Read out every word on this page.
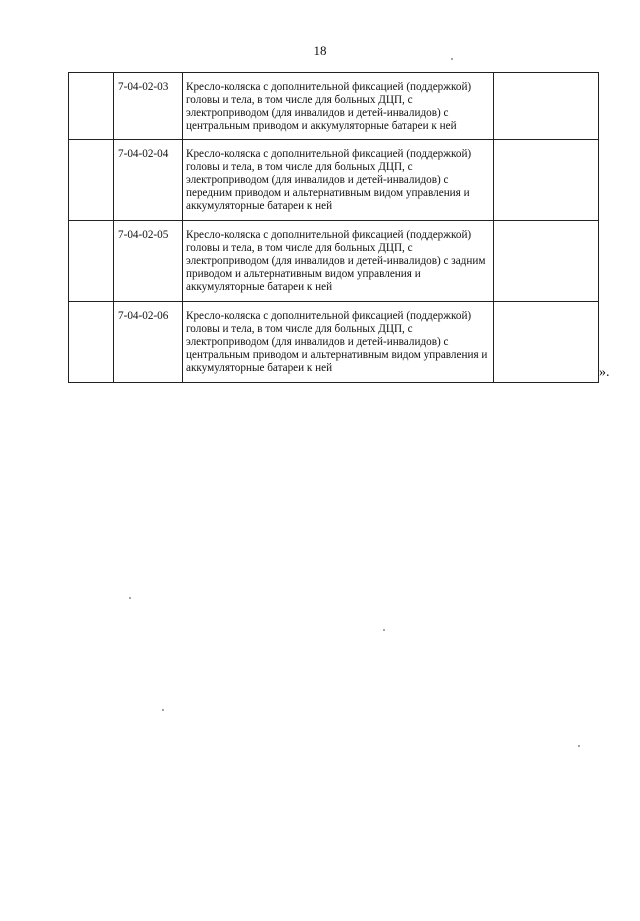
18
	7-04-02-03	Кресло-коляска с дополнительной фиксацией (поддержкой) головы и тела, в том числе для больных ДЦП, с электроприводом (для инвалидов и детей-инвалидов) с центральным приводом и аккумуляторные батареи к ней	
	7-04-02-04	Кресло-коляска с дополнительной фиксацией (поддержкой) головы и тела, в том числе для больных ДЦП, с электроприводом (для инвалидов и детей-инвалидов) с передним приводом и альтернативным видом управления и аккумуляторные батареи к ней	
	7-04-02-05	Кресло-коляска с дополнительной фиксацией (поддержкой) головы и тела, в том числе для больных ДЦП, с электроприводом (для инвалидов и детей-инвалидов) с задним приводом и альтернативным видом управления и аккумуляторные батареи к ней	
	7-04-02-06	Кресло-коляска с дополнительной фиксацией (поддержкой) головы и тела, в том числе для больных ДЦП, с электроприводом (для инвалидов и детей-инвалидов) с центральным приводом и альтернативным видом управления и аккумуляторные батареи к ней		».
